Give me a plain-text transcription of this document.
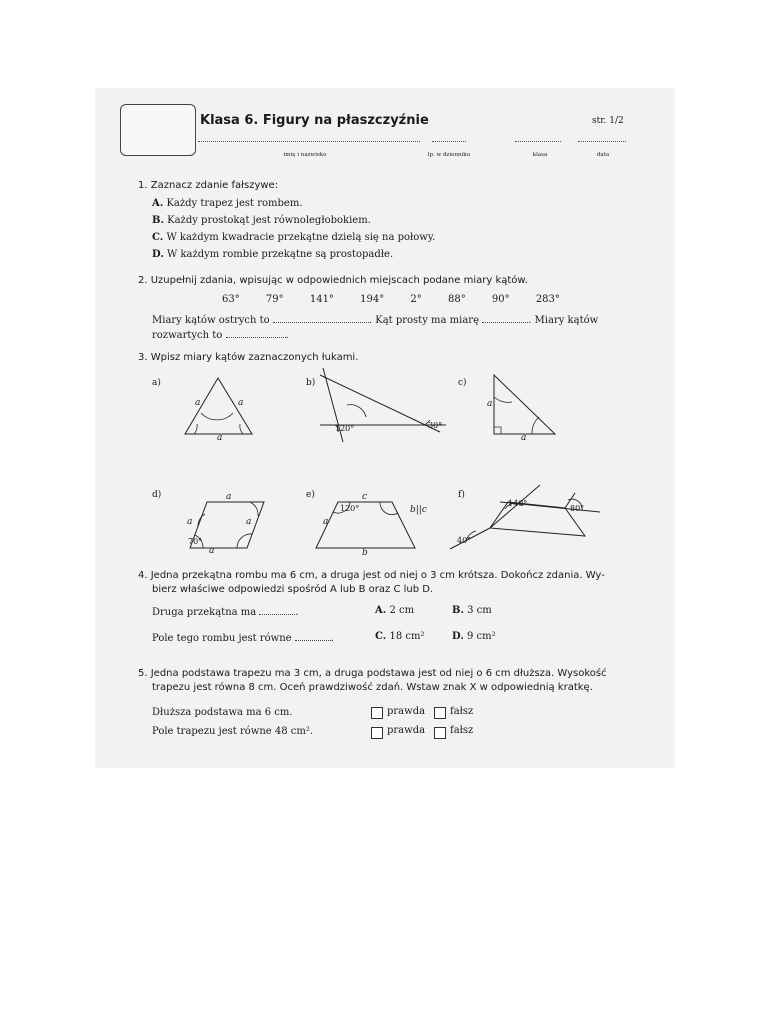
Klasa 6. Figury na płaszczyźnie	str. 1/2
imię i nazwisko	lp. w dzienniku	klasa	data
1. Zaznacz zdanie fałszywe:
A. Każdy trapez jest rombem.
B. Każdy prostokąt jest równoległobokiem.
C. W każdym kwadracie przekątne dzielą się na połowy.
D. W każdym rombie przekątne są prostopadłe.
2. Uzupełnij zdania, wpisując w odpowiednich miejscach podane miary kątów.
63°	79°	141°	194°	2°	88°	90°	283°
Miary kątów ostrych to	. Kąt prosty ma miarę	. Miary kątów
rozwartych to	.
3. Wpisz miary kątów zaznaczonych łukami.
a)	b)	c)
d)	e)	f)
a	a
a
120°	30°
a
a
a
a	a
a
70°
c
a
b
b||c
120°
140°
80°
40°
4. Jedna przekątna rombu ma 6 cm, a druga jest od niej o 3 cm krótsza. Dokończ zdania. Wy-
bierz właściwe odpowiedzi spośród A lub B oraz C lub D.
Druga przekątna ma	.	A. 2 cm	B. 3 cm
Pole tego rombu jest równe	.	C. 18 cm²	D. 9 cm²
5. Jedna podstawa trapezu ma 3 cm, a druga podstawa jest od niej o 6 cm dłuższa. Wysokość
trapezu jest równa 8 cm. Oceń prawdziwość zdań. Wstaw znak X w odpowiednią kratkę.
Dłuższa podstawa ma 6 cm.	prawda fałsz
Pole trapezu jest równe 48 cm².	prawda fałsz
